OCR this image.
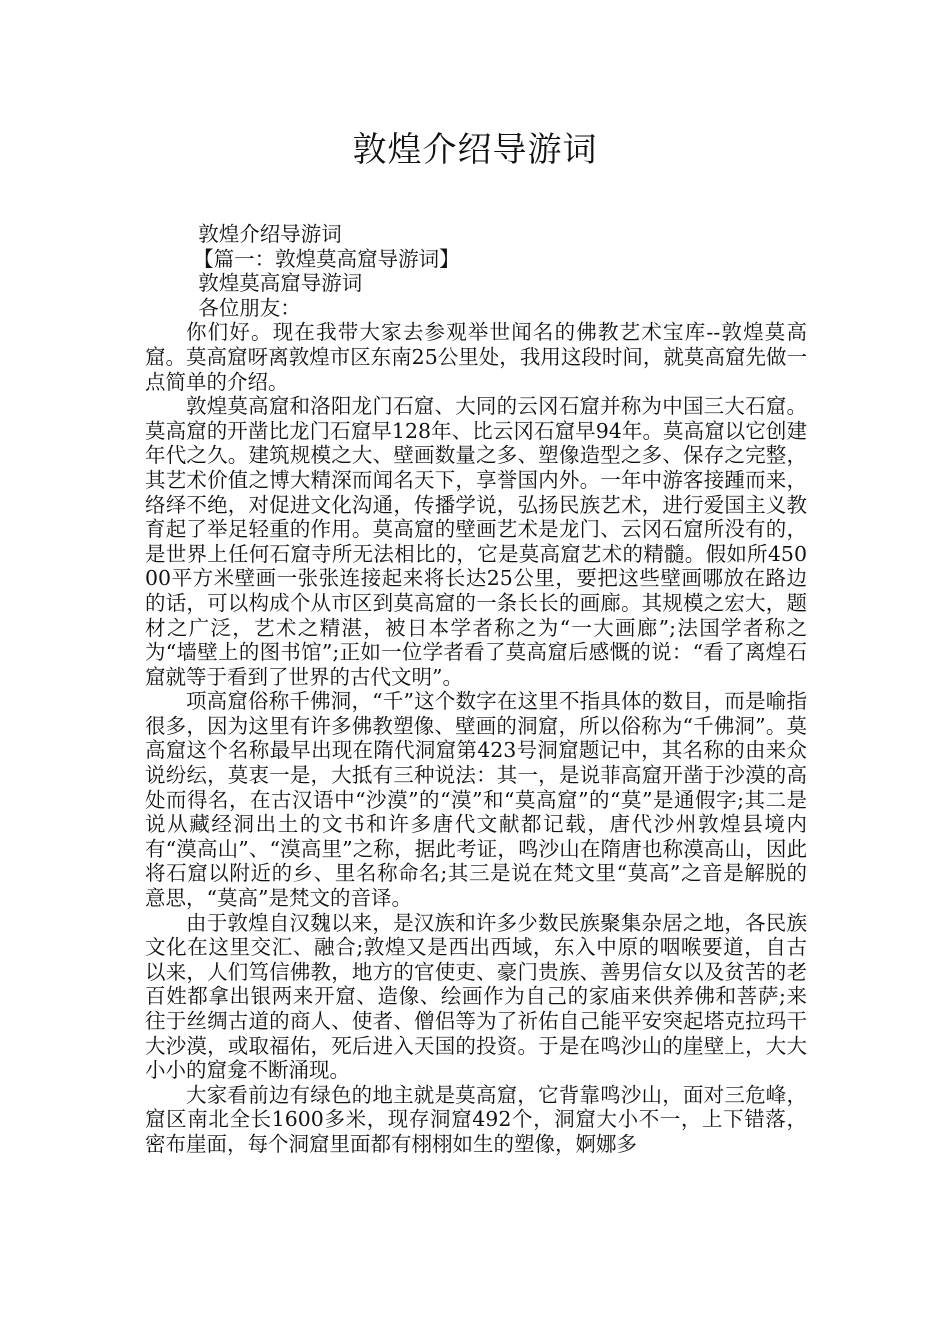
敦煌介绍导游词

敦煌介绍导游词

【篇一：敦煌莫高窟导游词】

敦煌莫高窟导游词

各位朋友：

你们好。现在我带大家去参观举世闻名的佛教艺术宝库--敦煌莫高窟。莫高窟呀离敦煌市区东南25公里处，我用这段时间，就莫高窟先做一点简单的介绍。

敦煌莫高窟和洛阳龙门石窟、大同的云冈石窟并称为中国三大石窟。莫高窟的开凿比龙门石窟早128年、比云冈石窟早94年。莫高窟以它创建年代之久。建筑规模之大、壁画数量之多、塑像造型之多、保存之完整，其艺术价值之博大精深而闻名天下，享誉国内外。一年中游客接踵而来，络绎不绝，对促进文化沟通，传播学说，弘扬民族艺术，进行爱国主义教育起了举足轻重的作用。莫高窟的壁画艺术是龙门、云冈石窟所没有的，是世界上任何石窟寺所无法相比的，它是莫高窟艺术的精髓。假如所45000平方米壁画一张张连接起来将长达25公里，要把这些壁画哪放在路边的话，可以构成个从市区到莫高窟的一条长长的画廊。其规模之宏大，题材之广泛，艺术之精湛，被日本学者称之为“一大画廊”;法国学者称之为“墙壁上的图书馆”;正如一位学者看了莫高窟后感慨的说：“看了离煌石窟就等于看到了世界的古代文明”。

项高窟俗称千佛洞，“千”这个数字在这里不指具体的数目，而是喻指很多，因为这里有许多佛教塑像、壁画的洞窟，所以俗称为“千佛洞”。莫高窟这个名称最早出现在隋代洞窟第423号洞窟题记中，其名称的由来众说纷纭，莫衷一是，大抵有三种说法：其一，是说菲高窟开凿于沙漠的高处而得名，在古汉语中“沙漠”的“漠”和“莫高窟”的“莫”是通假字;其二是说从藏经洞出土的文书和许多唐代文献都记载，唐代沙州敦煌县境内有“漠高山”、“漠高里”之称，据此考证，鸣沙山在隋唐也称漠高山，因此将石窟以附近的乡、里名称命名;其三是说在梵文里“莫高”之音是解脱的意思，“莫高”是梵文的音译。

由于敦煌自汉魏以来，是汉族和许多少数民族聚集杂居之地，各民族文化在这里交汇、融合;敦煌又是西出西域，东入中原的咽喉要道，自古以来，人们笃信佛教，地方的官使吏、豪门贵族、善男信女以及贫苦的老百姓都拿出银两来开窟、造像、绘画作为自己的家庙来供养佛和菩萨;来往于丝绸古道的商人、使者、僧侣等为了祈佑自己能平安突起塔克拉玛干大沙漠，或取福佑，死后进入天国的投资。于是在鸣沙山的崖壁上，大大小小的窟龛不断涌现。

大家看前边有绿色的地主就是莫高窟，它背靠鸣沙山，面对三危峰，窟区南北全长1600多米，现存洞窟492个，洞窟大小不一，上下错落，密布崖面，每个洞窟里面都有栩栩如生的塑像，婀娜多
